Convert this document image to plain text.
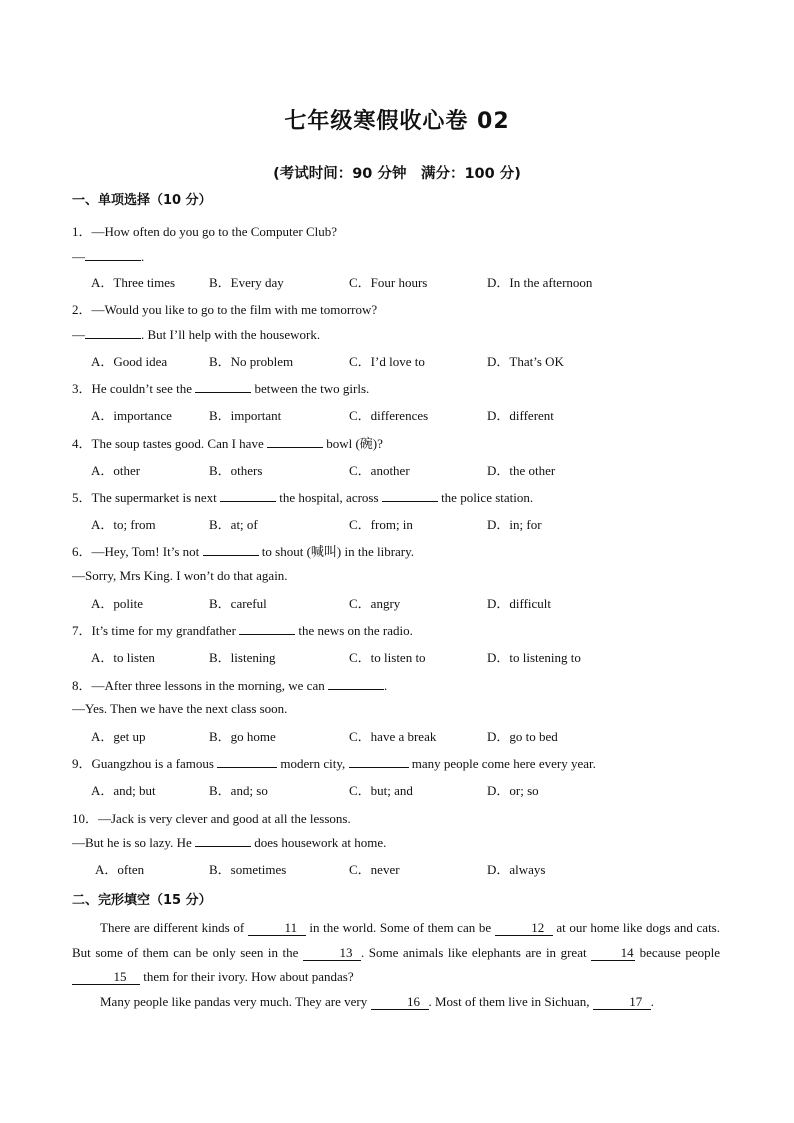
七年级寒假收心卷 02
(考试时间：90 分钟　满分：100 分)
一、单项选择（10 分）
1．—How often do you go to the Computer Club?
—	.
A．Three times	B．Every day	C．Four hours	D．In the afternoon
2．—Would you like to go to the film with me tomorrow?
—	. But I’ll help with the housework.
A．Good idea	B．No problem	C．I’d love to	D．That’s OK
3．He couldn’t see the	between the two girls.
A．importance	B．important	C．differences	D．different
4．The soup tastes good. Can I have	bowl (碗)?
A．other	B．others	C．another	D．the other
5．The supermarket is next	the hospital, across	the police station.
A．to; from	B．at; of	C．from; in	D．in; for
6．—Hey, Tom! It’s not	to shout (喊叫) in the library.
—Sorry, Mrs King. I won’t do that again.
A．polite	B．careful	C．angry	D．difficult
7．It’s time for my grandfather	the news on the radio.
A．to listen	B．listening	C．to listen to	D．to listening to
8．—After three lessons in the morning, we can	.
—Yes. Then we have the next class soon.
A．get up	B．go home	C．have a break	D．go to bed
9．Guangzhou is a famous	modern city,	many people come here every year.
A．and; but	B．and; so	C．but; and	D．or; so
10．—Jack is very clever and good at all the lessons.
—But he is so lazy. He	does housework at home.
A．often	B．sometimes	C．never	D．always
二、完形填空（15 分）
There are different kinds of	11 in the world. Some of them can be	12 at our home like dogs and cats. But some of them can be only seen in the	13 . Some animals like elephants are in great 14 because people 15 them for their ivory. How about pandas?
Many people like pandas very much. They are very	16 . Most of them live in Sichuan,	17 .
